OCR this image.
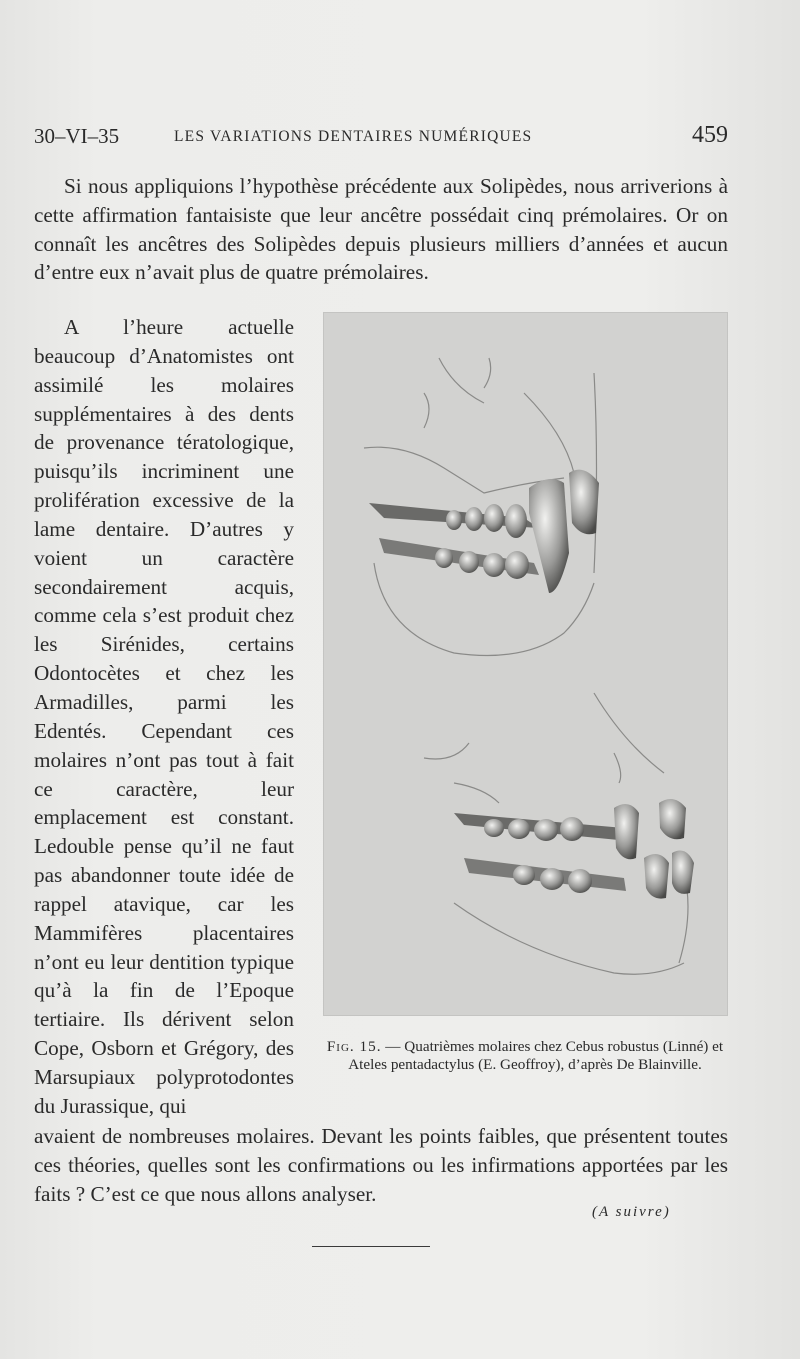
30–VI–35	LES VARIATIONS DENTAIRES NUMÉRIQUES	459

Si nous appliquions l’hypothèse précédente aux Solipèdes, nous arriverions à cette affirmation fantaisiste que leur ancêtre possédait cinq prémolaires. Or on connaît les ancêtres des Solipèdes depuis plusieurs milliers d’années et aucun d’entre eux n’avait plus de quatre prémolaires.

A l’heure actuelle beaucoup d’Anatomistes ont assimilé les molaires supplémentaires à des dents de provenance tératologique, puisqu’ils incriminent une prolifération excessive de la lame dentaire. D’autres y voient un caractère secondairement acquis, comme cela s’est produit chez les Sirénides, certains Odontocètes et chez les Armadilles, parmi les Edentés. Cependant ces molaires n’ont pas tout à fait ce caractère, leur emplacement est constant. Ledouble pense qu’il ne faut pas abandonner toute idée de rappel atavique, car les Mammifères placentaires n’ont eu leur dentition typique qu’à la fin de l’Epoque tertiaire. Ils dérivent selon Cope, Osborn et Grégory, des Marsupiaux polyprotodontes du Jurassique, qui

Fig. 15. — Quatrièmes molaires chez Cebus robustus (Linné) et Ateles pentadactylus (E. Geoffroy), d’après De Blainville.

avaient de nombreuses molaires. Devant les points faibles, que présentent toutes ces théories, quelles sont les confirmations ou les infirmations apportées par les faits ? C’est ce que nous allons analyser.

(A suivre)
